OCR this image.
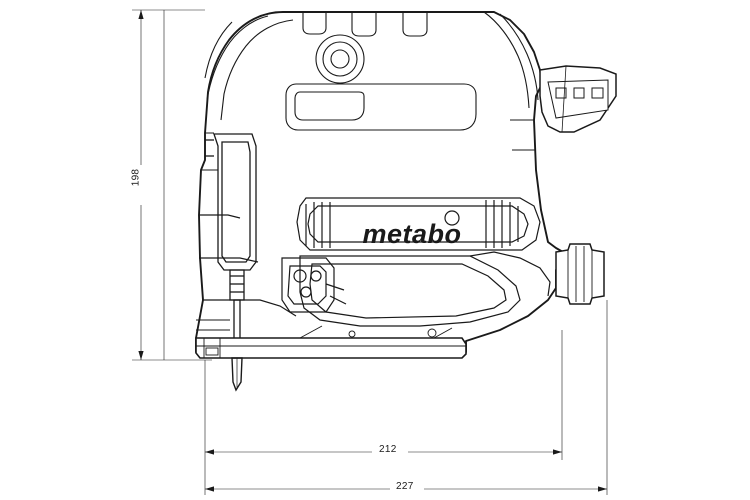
metabo
198
212
227
